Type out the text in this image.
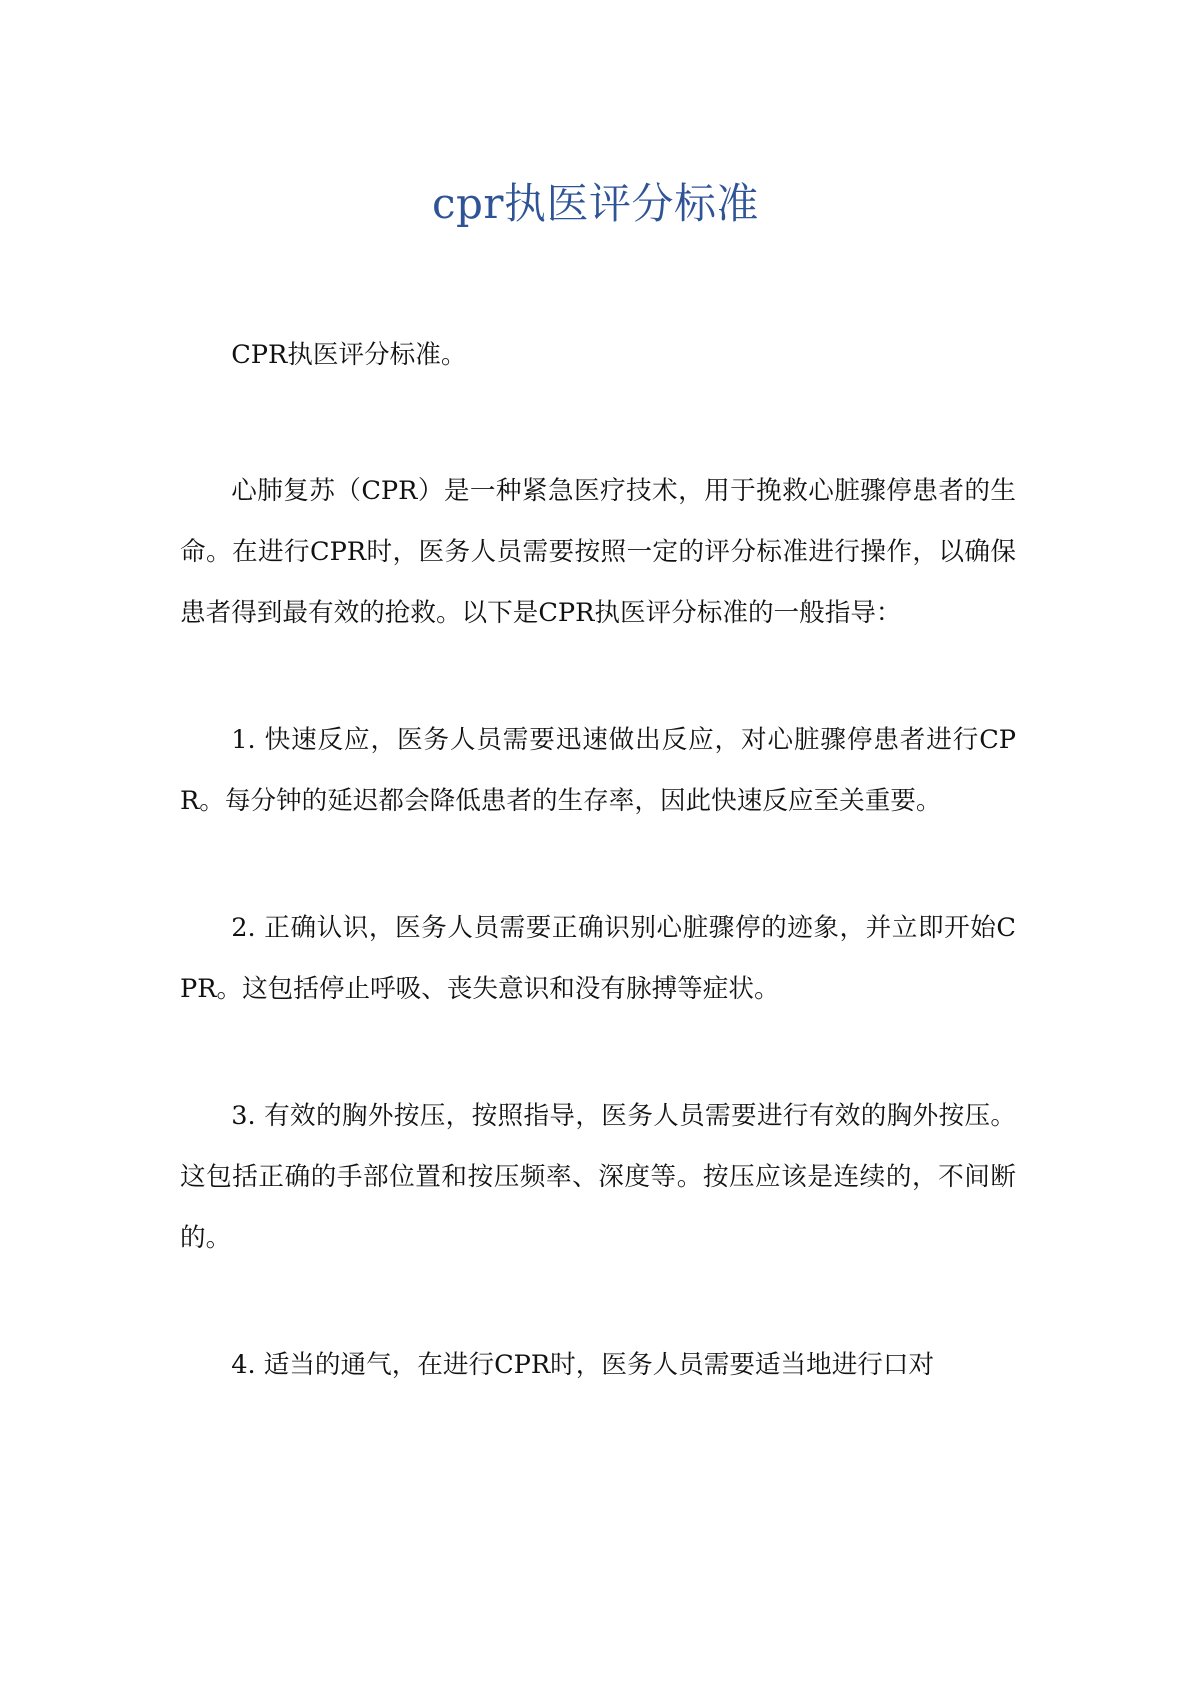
cpr执医评分标准

CPR执医评分标准。

心肺复苏（CPR）是一种紧急医疗技术，用于挽救心脏骤停患者的生命。在进行CPR时，医务人员需要按照一定的评分标准进行操作，以确保患者得到最有效的抢救。以下是CPR执医评分标准的一般指导：

1. 快速反应，医务人员需要迅速做出反应，对心脏骤停患者进行CPR。每分钟的延迟都会降低患者的生存率，因此快速反应至关重要。

2. 正确认识，医务人员需要正确识别心脏骤停的迹象，并立即开始CPR。这包括停止呼吸、丧失意识和没有脉搏等症状。

3. 有效的胸外按压，按照指导，医务人员需要进行有效的胸外按压。这包括正确的手部位置和按压频率、深度等。按压应该是连续的，不间断的。

4. 适当的通气，在进行CPR时，医务人员需要适当地进行口对
